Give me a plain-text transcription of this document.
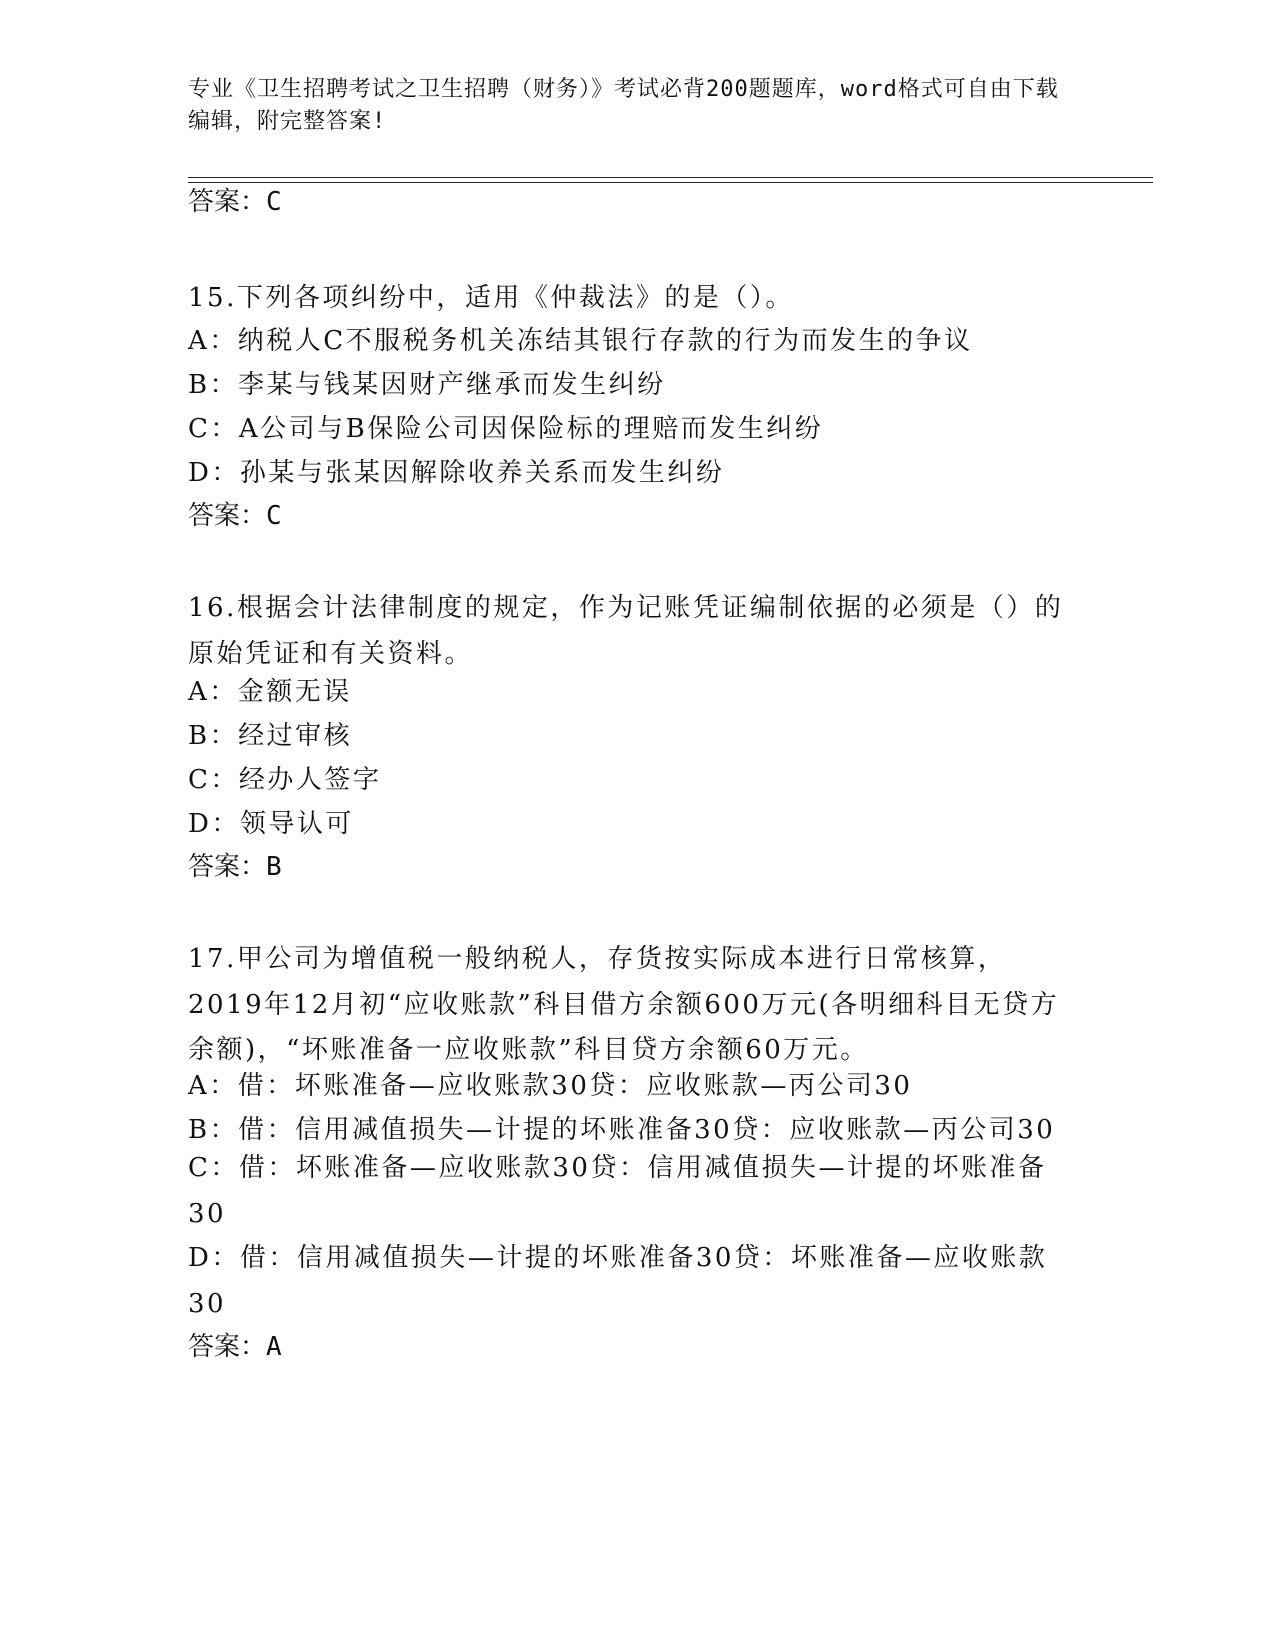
专业《卫生招聘考试之卫生招聘（财务）》考试必背200题题库，word格式可自由下载编辑，附完整答案!
答案：C
15.下列各项纠纷中，适用《仲裁法》的是（）。
A：纳税人C不服税务机关冻结其银行存款的行为而发生的争议
B：李某与钱某因财产继承而发生纠纷
C：A公司与B保险公司因保险标的理赔而发生纠纷
D：孙某与张某因解除收养关系而发生纠纷
答案：C
16.根据会计法律制度的规定，作为记账凭证编制依据的必须是（）的原始凭证和有关资料。
A：金额无误
B：经过审核
C：经办人签字
D：领导认可
答案：B
17.甲公司为增值税一般纳税人，存货按实际成本进行日常核算，2019年12月初“应收账款”科目借方余额600万元(各明细科目无贷方余额)，“坏账准备一应收账款”科目贷方余额60万元。
A：借：坏账准备—应收账款30贷：应收账款—丙公司30
B：借：信用减值损失—计提的坏账准备30贷：应收账款—丙公司30
C：借：坏账准备—应收账款30贷：信用减值损失—计提的坏账准备30
D：借：信用减值损失—计提的坏账准备30贷：坏账准备—应收账款30
答案：A
